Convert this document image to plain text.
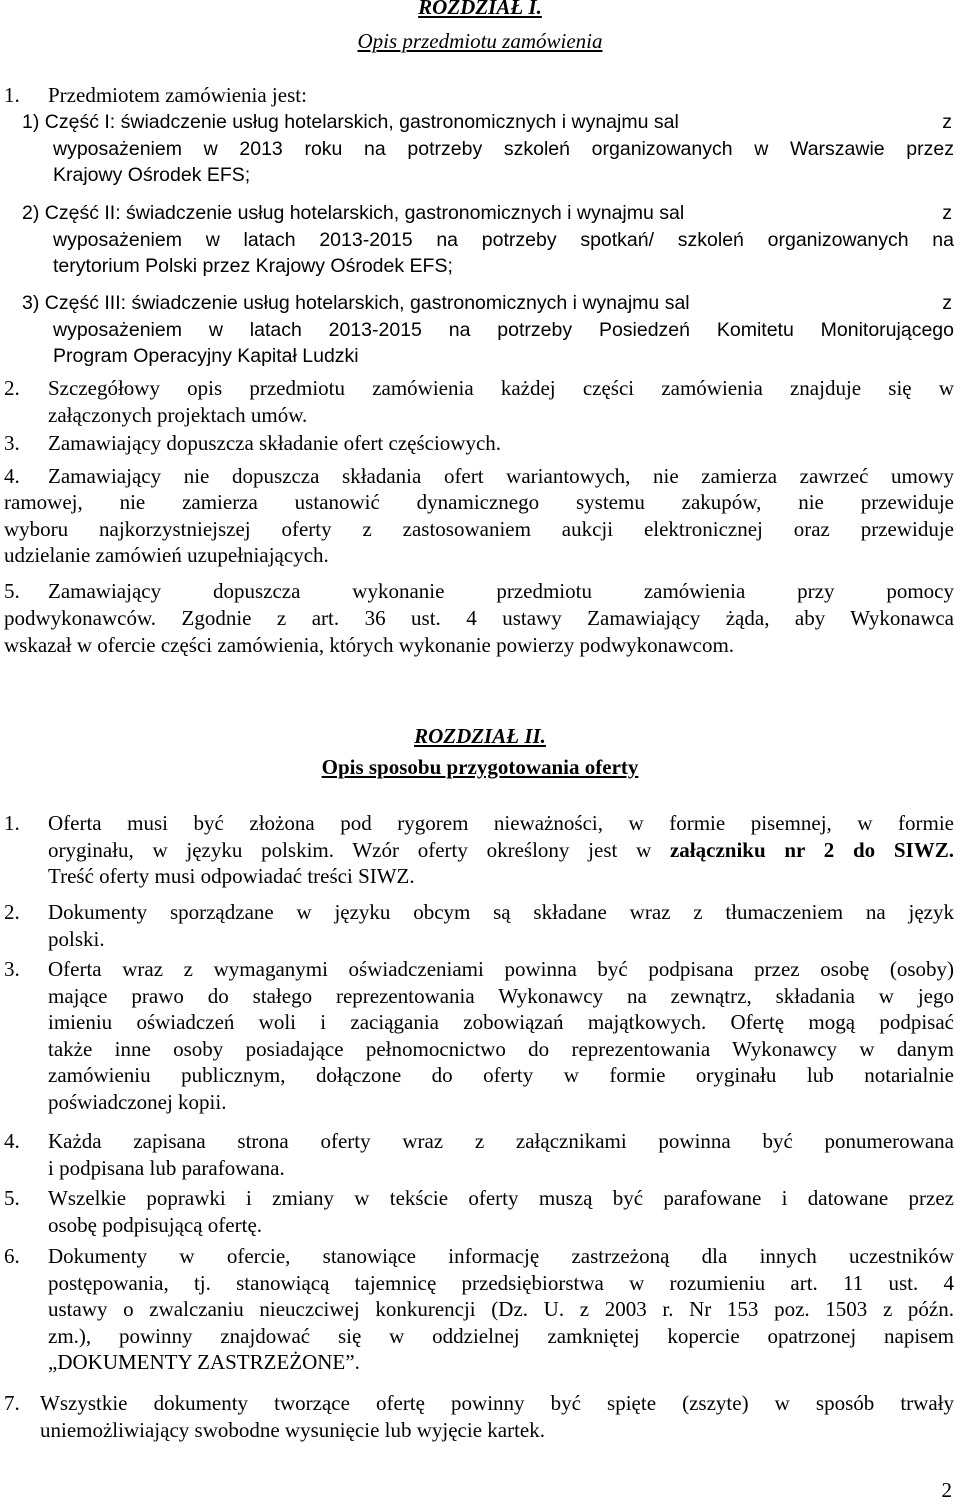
ROZDZIAŁ I.
Opis przedmiotu zamówienia
1. Przedmiotem zamówienia jest:
1) Część I: świadczenie usług hotelarskich, gastronomicznych i wynajmu sal	z
wyposażeniem w 2013 roku na potrzeby szkoleń organizowanych w Warszawie przez
Krajowy Ośrodek EFS;
2) Część II: świadczenie usług hotelarskich, gastronomicznych i wynajmu sal	z
wyposażeniem w latach 2013-2015 na potrzeby spotkań/ szkoleń organizowanych na
terytorium Polski przez Krajowy Ośrodek EFS;
3) Część III: świadczenie usług hotelarskich, gastronomicznych i wynajmu sal	z
wyposażeniem w latach 2013-2015 na potrzeby Posiedzeń Komitetu Monitorującego
Program Operacyjny Kapitał Ludzki
2. Szczegółowy opis przedmiotu zamówienia każdej części zamówienia znajduje się w
załączonych projektach umów.
3. Zamawiający dopuszcza składanie ofert częściowych.
4. Zamawiający nie dopuszcza składania ofert wariantowych, nie zamierza zawrzeć umowy
ramowej, nie zamierza ustanowić dynamicznego systemu zakupów, nie przewiduje
wyboru najkorzystniejszej oferty z zastosowaniem aukcji elektronicznej oraz przewiduje
udzielanie zamówień uzupełniających.
5. Zamawiający dopuszcza wykonanie przedmiotu zamówienia przy pomocy
podwykonawców. Zgodnie z art. 36 ust. 4 ustawy Zamawiający żąda, aby Wykonawca
wskazał w ofercie części zamówienia, których wykonanie powierzy podwykonawcom.
ROZDZIAŁ II.
Opis sposobu przygotowania oferty
1. Oferta musi być złożona pod rygorem nieważności, w formie pisemnej, w formie
oryginału, w języku polskim. Wzór oferty określony jest w załączniku nr 2 do SIWZ.
Treść oferty musi odpowiadać treści SIWZ.
2. Dokumenty sporządzane w języku obcym są składane wraz z tłumaczeniem na język
polski.
3. Oferta wraz z wymaganymi oświadczeniami powinna być podpisana przez osobę (osoby)
mające prawo do stałego reprezentowania Wykonawcy na zewnątrz, składania w jego
imieniu oświadczeń woli i zaciągania zobowiązań majątkowych. Ofertę mogą podpisać
także inne osoby posiadające pełnomocnictwo do reprezentowania Wykonawcy w danym
zamówieniu publicznym, dołączone do oferty w formie oryginału lub notarialnie
poświadczonej kopii.
4. Każda zapisana strona oferty wraz z załącznikami powinna być ponumerowana
i podpisana lub parafowana.
5. Wszelkie poprawki i zmiany w tekście oferty muszą być parafowane i datowane przez
osobę podpisującą ofertę.
6. Dokumenty w ofercie, stanowiące informację zastrzeżoną dla innych uczestników
postępowania, tj. stanowiącą tajemnicę przedsiębiorstwa w rozumieniu art. 11 ust. 4
ustawy o zwalczaniu nieuczciwej konkurencji (Dz. U. z 2003 r. Nr 153 poz. 1503 z późn.
zm.), powinny znajdować się w oddzielnej zamkniętej kopercie opatrzonej napisem
„DOKUMENTY ZASTRZEŻONE”.
7. Wszystkie dokumenty tworzące ofertę powinny być spięte (zszyte) w sposób trwały
uniemożliwiający swobodne wysunięcie lub wyjęcie kartek.
2
